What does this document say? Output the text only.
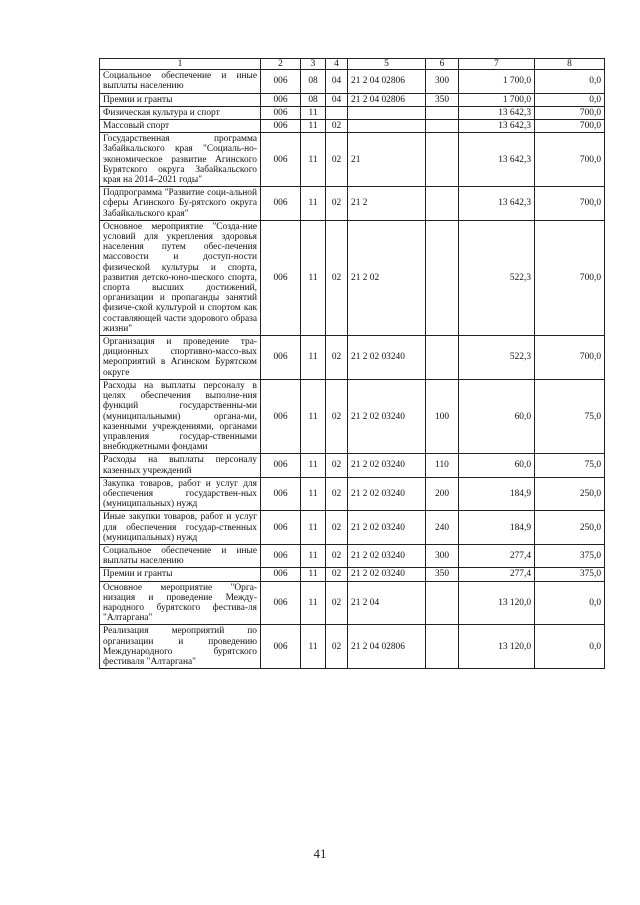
1	2	3	4	5	6	7	8
Социальное обеспечение и иные выплаты населению	006	08	04	21 2 04 02806	300	1 700,0	0,0
Премии и гранты	006	08	04	21 2 04 02806	350	1 700,0	0,0
Физическая культура и спорт	006	11				13 642,3	700,0
Массовый спорт	006	11	02			13 642,3	700,0
Государственная программа Забайкальского края "Социаль-но-экономическое развитие Агинского Бурятского округа Забайкальского края на 2014–2021 годы"	006	11	02	21		13 642,3	700,0
Подпрограмма "Развитие соци-альной сферы Агинского Бу-рятского округа Забайкальского края"	006	11	02	21 2		13 642,3	700,0
Основное мероприятие "Созда-ние условий для укрепления здоровья населения путем обес-печения массовости и доступ-ности физической культуры и спорта, развития детско-юно-шеского спорта, спорта высших достижений, организации и пропаганды занятий физиче-ской культурой и спортом как составляющей части здорового образа жизни"	006	11	02	21 2 02		522,3	700,0
Организация и проведение тра-диционных спортивно-массо-вых мероприятий в Агинском Бурятском округе	006	11	02	21 2 02 03240		522,3	700,0
Расходы на выплаты персоналу в целях обеспечения выполне-ния функций государственны-ми (муниципальными) органа-ми, казенными учреждениями, органами управления государ-ственными внебюджетными фондами	006	11	02	21 2 02 03240	100	60,0	75,0
Расходы на выплаты персоналу казенных учреждений	006	11	02	21 2 02 03240	110	60,0	75,0
Закупка товаров, работ и услуг для обеспечения государствен-ных (муниципальных) нужд	006	11	02	21 2 02 03240	200	184,9	250,0
Иные закупки товаров, работ и услуг для обеспечения государ-ственных (муниципальных) нужд	006	11	02	21 2 02 03240	240	184,9	250,0
Социальное обеспечение и иные выплаты населению	006	11	02	21 2 02 03240	300	277,4	375,0
Премии и гранты	006	11	02	21 2 02 03240	350	277,4	375,0
Основное мероприятие "Орга-низация и проведение Между-народного бурятского фестива-ля "Алтаргана"	006	11	02	21 2 04		13 120,0	0,0
Реализация мероприятий по организации и проведению Международного бурятского фестиваля "Алтаргана"	006	11	02	21 2 04 02806		13 120,0	0,0
41
